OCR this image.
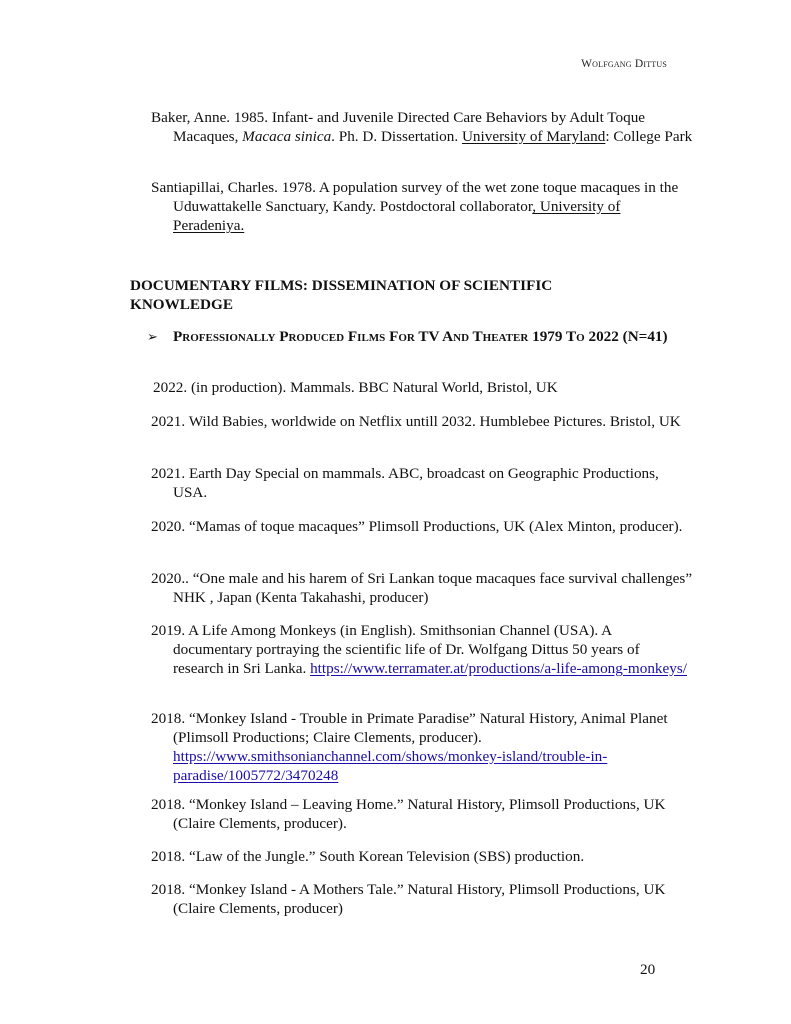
Wolfgang Dittus
Baker, Anne. 1985. Infant- and Juvenile Directed Care Behaviors by Adult Toque Macaques, Macaca sinica. Ph. D. Dissertation. University of Maryland: College Park
Santiapillai, Charles. 1978. A population survey of the wet zone toque macaques in the Uduwattakelle Sanctuary, Kandy. Postdoctoral collaborator, University of Peradeniya.
DOCUMENTARY FILMS: DISSEMINATION OF SCIENTIFIC KNOWLEDGE
➢ Professionally Produced Films For TV And Theater 1979 To 2022 (N=41)
2022. (in production). Mammals. BBC Natural World, Bristol, UK
2021. Wild Babies, worldwide on Netflix untill 2032. Humblebee Pictures. Bristol, UK
2021. Earth Day Special on mammals. ABC, broadcast on Geographic Productions, USA.
2020. “Mamas of toque macaques” Plimsoll Productions, UK (Alex Minton, producer).
2020.. “One male and his harem of Sri Lankan toque macaques face survival challenges” NHK , Japan (Kenta Takahashi, producer)
2019. A Life Among Monkeys (in English). Smithsonian Channel (USA). A documentary portraying the scientific life of Dr. Wolfgang Dittus 50 years of research in Sri Lanka. https://www.terramater.at/productions/a-life-among-monkeys/
2018. “Monkey Island - Trouble in Primate Paradise” Natural History, Animal Planet (Plimsoll Productions; Claire Clements, producer).   https://www.smithsonianchannel.com/shows/monkey-island/trouble-in-paradise/1005772/3470248
2018. “Monkey Island – Leaving Home.” Natural History, Plimsoll Productions, UK (Claire Clements, producer).
2018. “Law of the Jungle.” South Korean Television (SBS) production.
2018. “Monkey Island - A Mothers Tale.” Natural History, Plimsoll Productions, UK (Claire Clements, producer)
20
